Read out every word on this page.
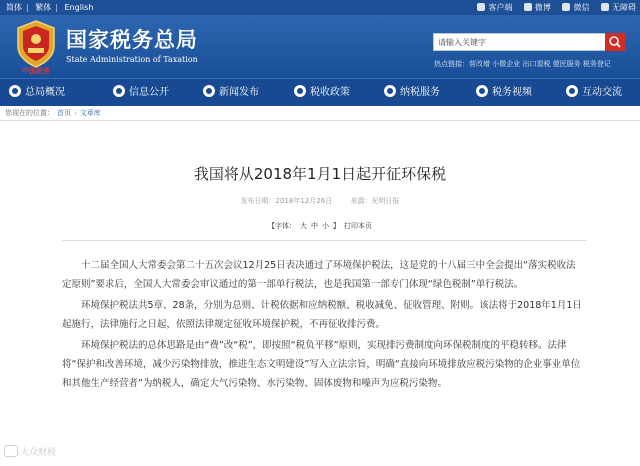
简体 | 繁体 | English	客户端	微博	微信	无障碍
中国税务
国家税务总局
State Administration of Taxation
请输入关键字	热点链接：营改增 小微企业 出口退税 便民服务 税务登记
总局概况	信息公开	新闻发布	税收政策	纳税服务	税务视频	互动交流
您现在的位置： 首页 › 文章库
我国将从2018年1月1日起开征环保税
发布日期：2018年12月26日	来源：光明日报
【字体： 大 中 小 】 打印本页

十二届全国人大常委会第二十五次会议12月25日表决通过了环境保护税法，这是党的十八届三中全会提出“落实税收法定原则”要求后，全国人大常委会审议通过的第一部单行税法，也是我国第一部专门体现“绿色税制”单行税法。

环境保护税法共5章、28条，分别为总则、计税依据和应纳税额、税收减免、征收管理、附则。该法将于2018年1月1日起施行，法律施行之日起，依照法律规定征收环境保护税，不再征收排污费。

环境保护税法的总体思路是由“费”改“税”，即按照“税负平移”原则，实现排污费制度向环保税制度的平稳转移。法律将“保护和改善环境，减少污染物排放，推进生态文明建设”写入立法宗旨，明确“直接向环境排放应税污染物的企业事业单位和其他生产经营者”为纳税人，确定大气污染物、水污染物、固体废物和噪声为应税污染物。

大众财税
